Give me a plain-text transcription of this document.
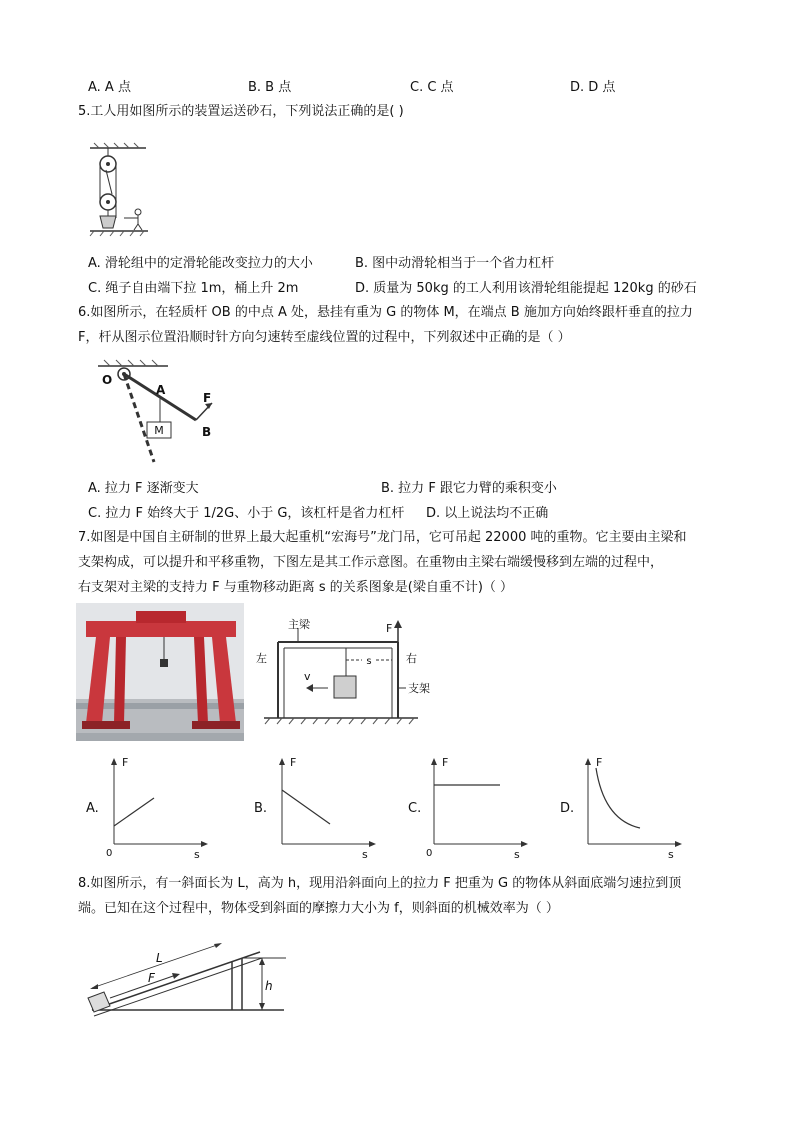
A. A 点	B. B 点	C. C 点	D. D 点
5.工人用如图所示的装置运送砂石，下列说法正确的是( )
A. 滑轮组中的定滑轮能改变拉力的大小	B. 图中动滑轮相当于一个省力杠杆
C. 绳子自由端下拉 1m，桶上升 2m	D. 质量为 50kg 的工人利用该滑轮组能提起 120kg 的砂石
6.如图所示，在轻质杆 OB 的中点 A 处，悬挂有重为 G 的物体 M，在端点 B 施加方向始终跟杆垂直的拉力
F，杆从图示位置沿顺时针方向匀速转至虚线位置的过程中，下列叙述中正确的是（ ）
M
O
A
B
F
A. 拉力 F 逐渐变大	B. 拉力 F 跟它力臂的乘积变小
C. 拉力 F 始终大于 1/2G、小于 G，该杠杆是省力杠杆 D. 以上说法均不正确
7.如图是中国自主研制的世界上最大起重机“宏海号”龙门吊，它可吊起 22000 吨的重物。它主要由主梁和
支架构成，可以提升和平移重物，下图左是其工作示意图。在重物由主梁右端缓慢移到左端的过程中，
右支架对主梁的支持力 F 与重物移动距离 s 的关系图象是(梁自重不计)（ ）
s
v
主梁
左	右
F
支架
A.
F
0	s
B.
F
s
C.
F
0	s
D.
F
s
8.如图所示，有一斜面长为 L，高为 h，现用沿斜面向上的拉力 F 把重为 G 的物体从斜面底端匀速拉到顶
端。已知在这个过程中，物体受到斜面的摩擦力大小为 f，则斜面的机械效率为（ ）
h
F
L
